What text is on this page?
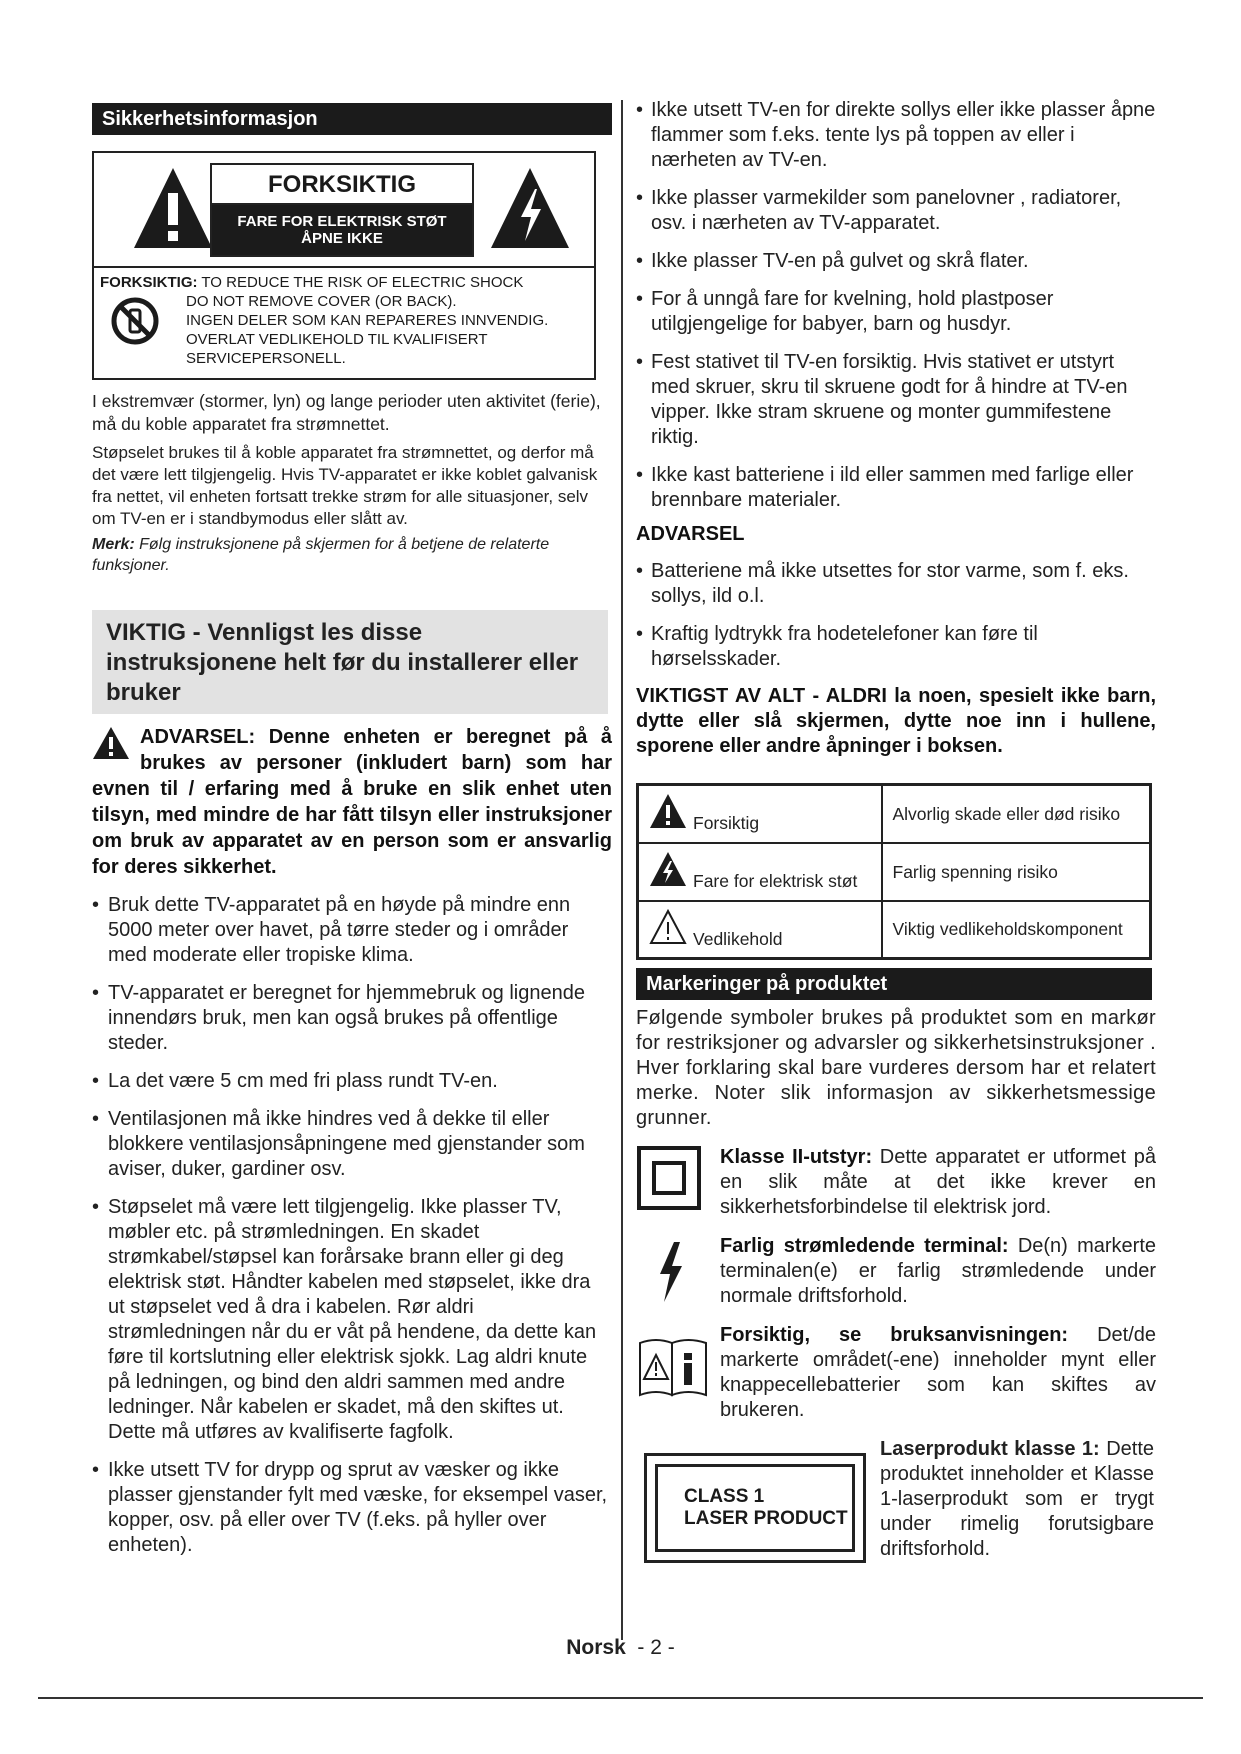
Sikkerhetsinformasjon
FORKSIKTIG
FARE FOR ELEKTRISK STØT
ÅPNE IKKE
FORKSIKTIG: TO REDUCE THE RISK OF ELECTRIC SHOCK
DO NOT REMOVE COVER (OR BACK).
INGEN DELER SOM KAN REPARERES INNVENDIG.
OVERLAT VEDLIKEHOLD TIL KVALIFISERT
SERVICEPERSONELL.

I ekstremvær (stormer, lyn) og lange perioder uten aktivitet (ferie), må du koble apparatet fra strømnettet.

Støpselet brukes til å koble apparatet fra strømnettet, og derfor må det være lett tilgjengelig. Hvis TV-apparatet er ikke koblet galvanisk fra nettet, vil enheten fortsatt trekke strøm for alle situasjoner, selv om TV-en er i standbymodus eller slått av.

Merk: Følg instruksjonene på skjermen for å betjene de relaterte funksjoner.

VIKTIG - Vennligst les disse instruksjonene helt før du installerer eller bruker

ADVARSEL: Denne enheten er beregnet på å brukes av personer (inkludert barn) som har evnen til / erfaring med å bruke en slik enhet uten tilsyn, med mindre de har fått tilsyn eller instruksjoner om bruk av apparatet av en person som er ansvarlig for deres sikkerhet.

• Bruk dette TV-apparatet på en høyde på mindre enn 5000 meter over havet, på tørre steder og i områder med moderate eller tropiske klima.
• TV-apparatet er beregnet for hjemmebruk og lignende innendørs bruk, men kan også brukes på offentlige steder.
• La det være 5 cm med fri plass rundt TV-en.
• Ventilasjonen må ikke hindres ved å dekke til eller blokkere ventilasjonsåpningene med gjenstander som aviser, duker, gardiner osv.
• Støpselet må være lett tilgjengelig. Ikke plasser TV, møbler etc. på strømledningen. En skadet strømkabel/støpsel kan forårsake brann eller gi deg elektrisk støt. Håndter kabelen med støpselet, ikke dra ut støpselet ved å dra i kabelen. Rør aldri strømledningen når du er våt på hendene, da dette kan føre til kortslutning eller elektrisk sjokk. Lag aldri knute på ledningen, og bind den aldri sammen med andre ledninger. Når kabelen er skadet, må den skiftes ut. Dette må utføres av kvalifiserte fagfolk.
• Ikke utsett TV for drypp og sprut av væsker og ikke plasser gjenstander fylt med væske, for eksempel vaser, kopper, osv. på eller over TV (f.eks. på hyller over enheten).
• Ikke utsett TV-en for direkte sollys eller ikke plasser åpne flammer som f.eks. tente lys på toppen av eller i nærheten av TV-en.
• Ikke plasser varmekilder som panelovner , radiatorer, osv. i nærheten av TV-apparatet.
• Ikke plasser TV-en på gulvet og skrå flater.
• For å unngå fare for kvelning, hold plastposer utilgjengelige for babyer, barn og husdyr.
• Fest stativet til TV-en forsiktig. Hvis stativet er utstyrt med skruer, skru til skruene godt for å hindre at TV-en vipper. Ikke stram skruene og monter gummifestene riktig.
• Ikke kast batteriene i ild eller sammen med farlige eller brennbare materialer.
ADVARSEL
• Batteriene må ikke utsettes for stor varme, som f. eks. sollys, ild o.l.
• Kraftig lydtrykk fra hodetelefoner kan føre til hørselsskader.

VIKTIGST AV ALT - ALDRI la noen, spesielt ikke barn, dytte eller slå skjermen, dytte noe inn i hullene, sporene eller andre åpninger i boksen.

Forsiktig	Alvorlig skade eller død risiko

Fare for elektrisk støt	Farlig spenning risiko

Vedlikehold	Viktig vedlikeholdskomponent
Markeringer på produktet

Følgende symboler brukes på produktet som en markør for restriksjoner og advarsler og sikkerhetsinstruksjoner . Hver forklaring skal bare vurderes dersom har et relatert merke. Noter slik informasjon av sikkerhetsmessige grunner.

Klasse II-utstyr: Dette apparatet er utformet på en slik måte at det ikke krever en sikkerhetsforbindelse til elektrisk jord.
Farlig strømledende terminal: De(n) markerte terminalen(e) er farlig strømledende under normale driftsforhold.
Forsiktig, se bruksanvisningen: Det/de markerte området(-ene) inneholder mynt eller knappecellebatterier som kan skiftes av brukeren.
CLASS 1
LASER PRODUCT
Laserprodukt klasse 1: Dette produktet inneholder et Klasse 1-laserprodukt som er trygt under rimelig forutsigbare driftsforhold.
Norsk  - 2 -
